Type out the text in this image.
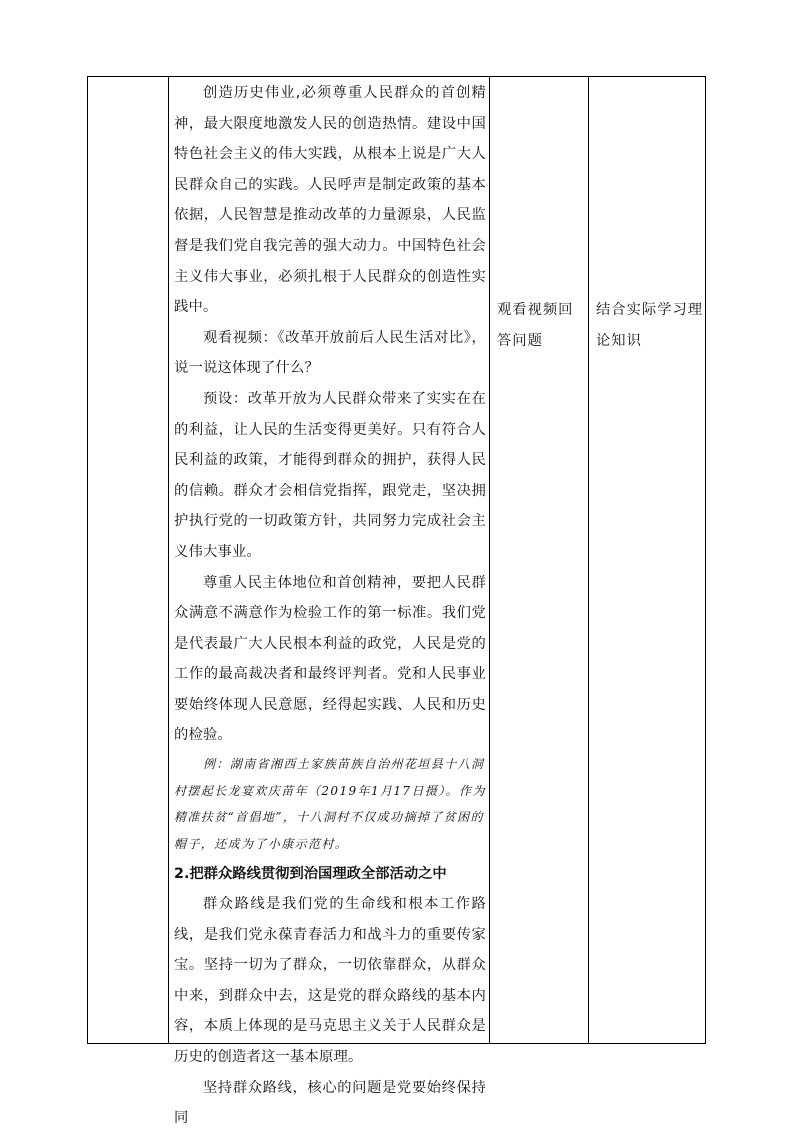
创造历史伟业,必须尊重人民群众的首创精神，最大限度地激发人民的创造热情。建设中国特色社会主义的伟大实践，从根本上说是广大人民群众自己的实践。人民呼声是制定政策的基本依据，人民智慧是推动改革的力量源泉，人民监督是我们党自我完善的强大动力。中国特色社会主义伟大事业，必须扎根于人民群众的创造性实践中。

观看视频：《改革开放前后人民生活对比》，说一说这体现了什么？

预设：改革开放为人民群众带来了实实在在的利益，让人民的生活变得更美好。只有符合人民利益的政策，才能得到群众的拥护，获得人民的信赖。群众才会相信党指挥，跟党走，坚决拥护执行党的一切政策方针，共同努力完成社会主义伟大事业。

尊重人民主体地位和首创精神，要把人民群众满意不满意作为检验工作的第一标准。我们党是代表最广大人民根本利益的政党，人民是党的工作的最高裁决者和最终评判者。党和人民事业要始终体现人民意愿，经得起实践、人民和历史的检验。

例：湖南省湘西土家族苗族自治州花垣县十八洞村摆起长龙宴欢庆苗年（2019年1月17日摄）。作为精准扶贫“首倡地”，十八洞村不仅成功摘掉了贫困的帽子，还成为了小康示范村。

2.把群众路线贯彻到治国理政全部活动之中

群众路线是我们党的生命线和根本工作路线，是我们党永葆青春活力和战斗力的重要传家宝。坚持一切为了群众，一切依靠群众，从群众中来，到群众中去，这是党的群众路线的基本内容，本质上体现的是马克思主义关于人民群众是历史的创造者这一基本原理。

坚持群众路线，核心的问题是党要始终保持同

观看视频回答问题
结合实际学习理论知识
